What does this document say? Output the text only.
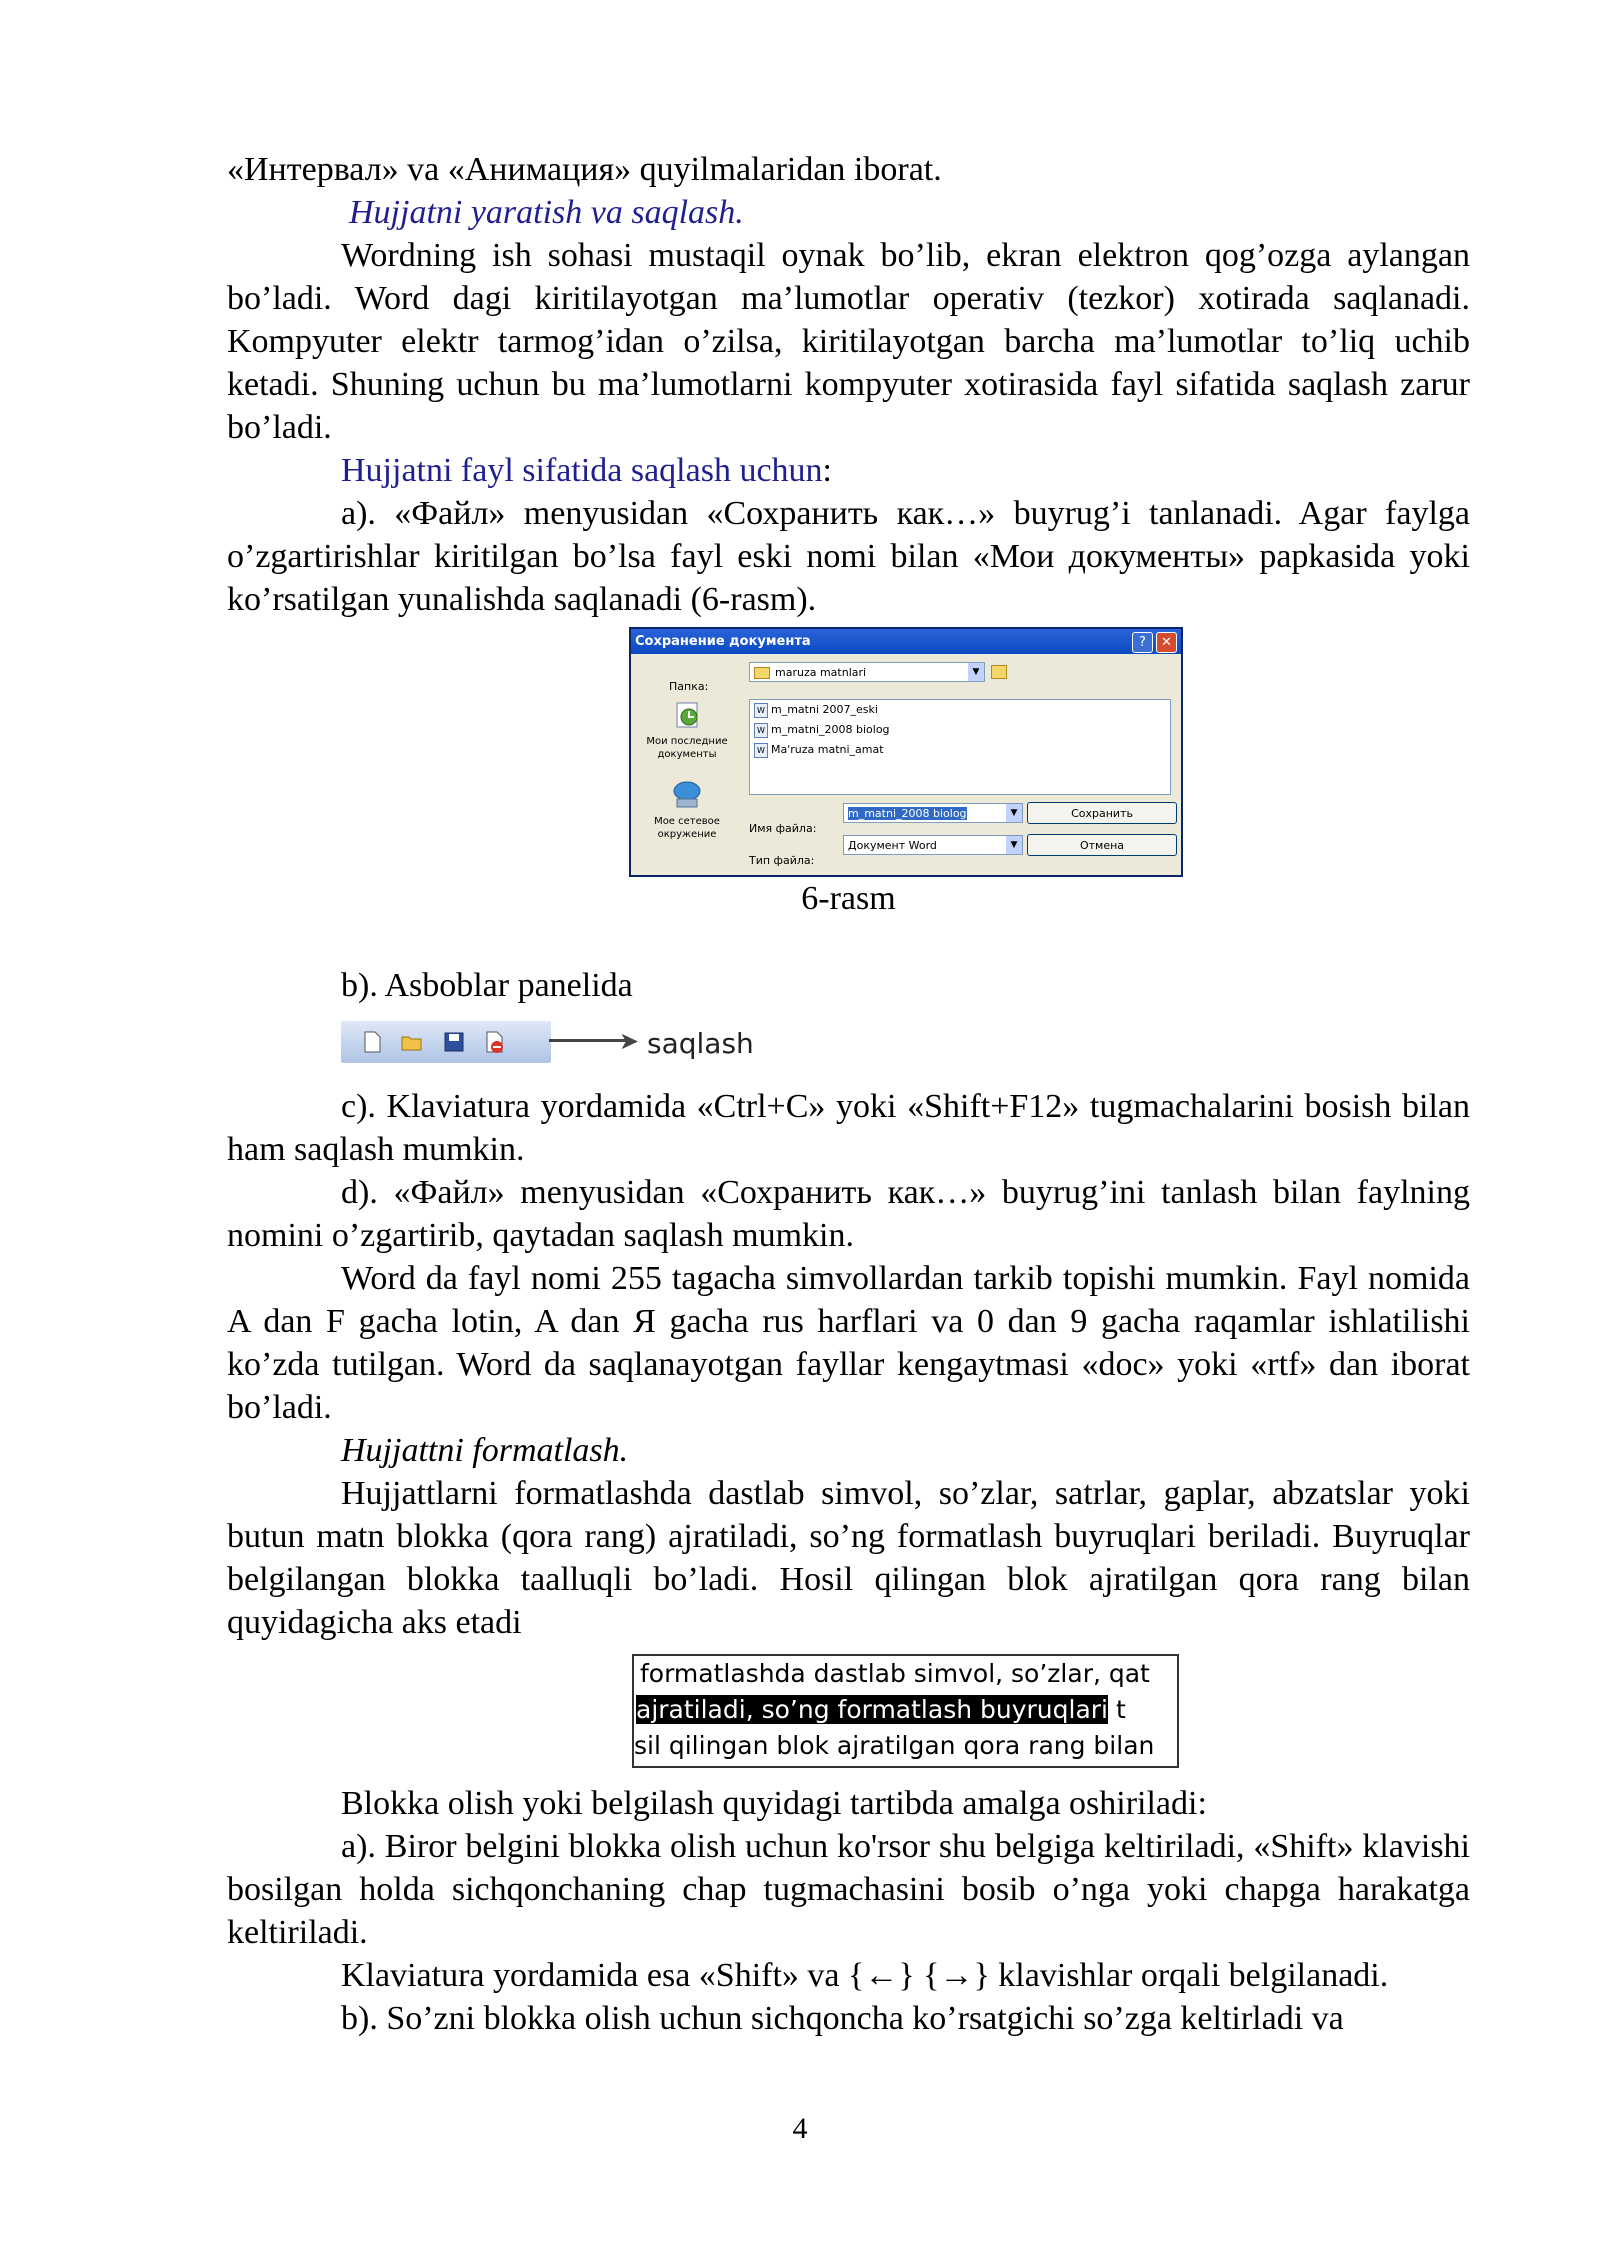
«Интервал» va «Анимация» quyilmalaridan iborat.

Hujjatni yaratish va saqlash.

Wordning ish sohasi mustaqil oynak bo’lib, ekran elektron qog’ozga aylangan bo’ladi. Word dagi kiritilayotgan ma’lumotlar operativ (tezkor) xotirada saqlanadi. Kompyuter elektr tarmog’idan o’zilsa, kiritilayotgan barcha ma’lumotlar to’liq uchib ketadi. Shuning uchun bu ma’lumotlarni kompyuter xotirasida fayl sifatida saqlash zarur bo’ladi.

Hujjatni fayl sifatida saqlash uchun:

a). «Файл» menyusidan «Сохранить как…» buyrug’i tanlanadi. Agar faylga o’zgartirishlar kiritilgan bo’lsa fayl eski nomi bilan «Мои документы» papkasida yoki ko’rsatilgan yunalishda saqlanadi (6-rasm).

Сохранение документа	?	✕
Папка:
maruza matnlari	▼
Мои последние документы
Мое сетевое окружение
W m_matni 2007_eski
W m_matni_2008 biolog
W Ma'ruza matni_amat
Имя файла:
m_matni_2008 biolog	▼	Сохранить
Тип файла:
Документ Word	▼	Отмена

6-rasm

b). Asboblar panelida

➤ saqlash

c). Klaviatura yordamida «Ctrl+C» yoki «Shift+F12» tugmachalarini bosish bilan ham saqlash mumkin.

d). «Файл» menyusidan «Сохранить как…» buyrug’ini tanlash bilan faylning nomini o’zgartirib, qaytadan saqlash mumkin.

Word da fayl nomi 255 tagacha simvollardan tarkib topishi mumkin. Fayl nomida A dan F gacha lotin, A dan Я gacha rus harflari va 0 dan 9 gacha raqamlar ishlatilishi ko’zda tutilgan. Word da saqlanayotgan fayllar kengaytmasi «doc» yoki «rtf» dan iborat bo’ladi.

Hujjattni formatlash.

Hujjattlarni formatlashda dastlab simvol, so’zlar, satrlar, gaplar, abzatslar yoki butun matn blokka (qora rang) ajratiladi, so’ng formatlash buyruqlari beriladi. Buyruqlar belgilangan blokka taalluqli bo’ladi. Hosil qilingan blok ajratilgan qora rang bilan quyidagicha aks etadi

formatlashda dastlab simvol, so’zlar, qat
ajratiladi, so’ng formatlash buyruqlari t
sil qilingan blok ajratilgan qora rang bilan

Blokka olish yoki belgilash quyidagi tartibda amalga oshiriladi:

a). Biror belgini blokka olish uchun ko'rsor shu belgiga keltiriladi, «Shift» klavishi bosilgan holda sichqonchaning chap tugmachasini bosib o’nga yoki chapga harakatga keltiriladi.

Klaviatura yordamida esa «Shift» va {←} {→} klavishlar orqali belgilanadi.

b). So’zni blokka olish uchun sichqoncha ko’rsatgichi so’zga keltirladi va

4
